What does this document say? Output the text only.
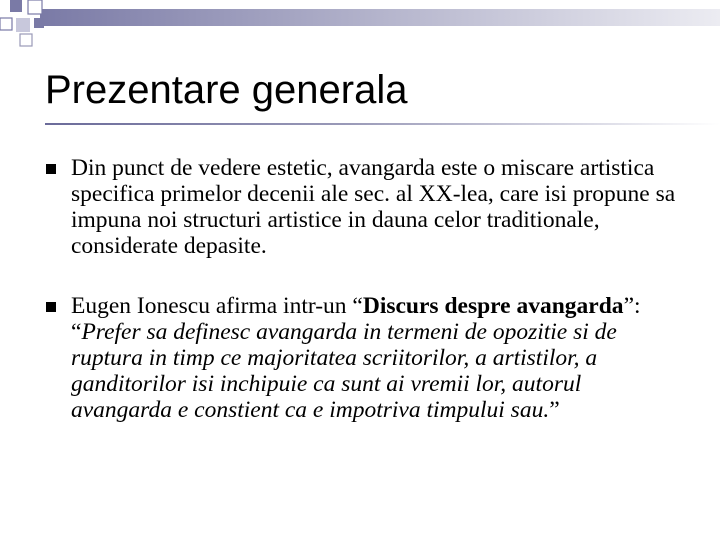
Prezentare generala
Din punct de vedere estetic, avangarda este o miscare artistica specifica primelor decenii ale sec. al XX-lea, care isi propune sa impuna noi structuri artistice in dauna celor traditionale, considerate depasite.
Eugen Ionescu afirma intr-un “Discurs despre avangarda”: “Prefer sa definesc avangarda in termeni de opozitie si de ruptura in timp ce majoritatea scriitorilor, a artistilor, a ganditorilor isi inchipuie ca sunt ai vremii lor, autorul avangarda e constient ca e impotriva timpului sau.”
